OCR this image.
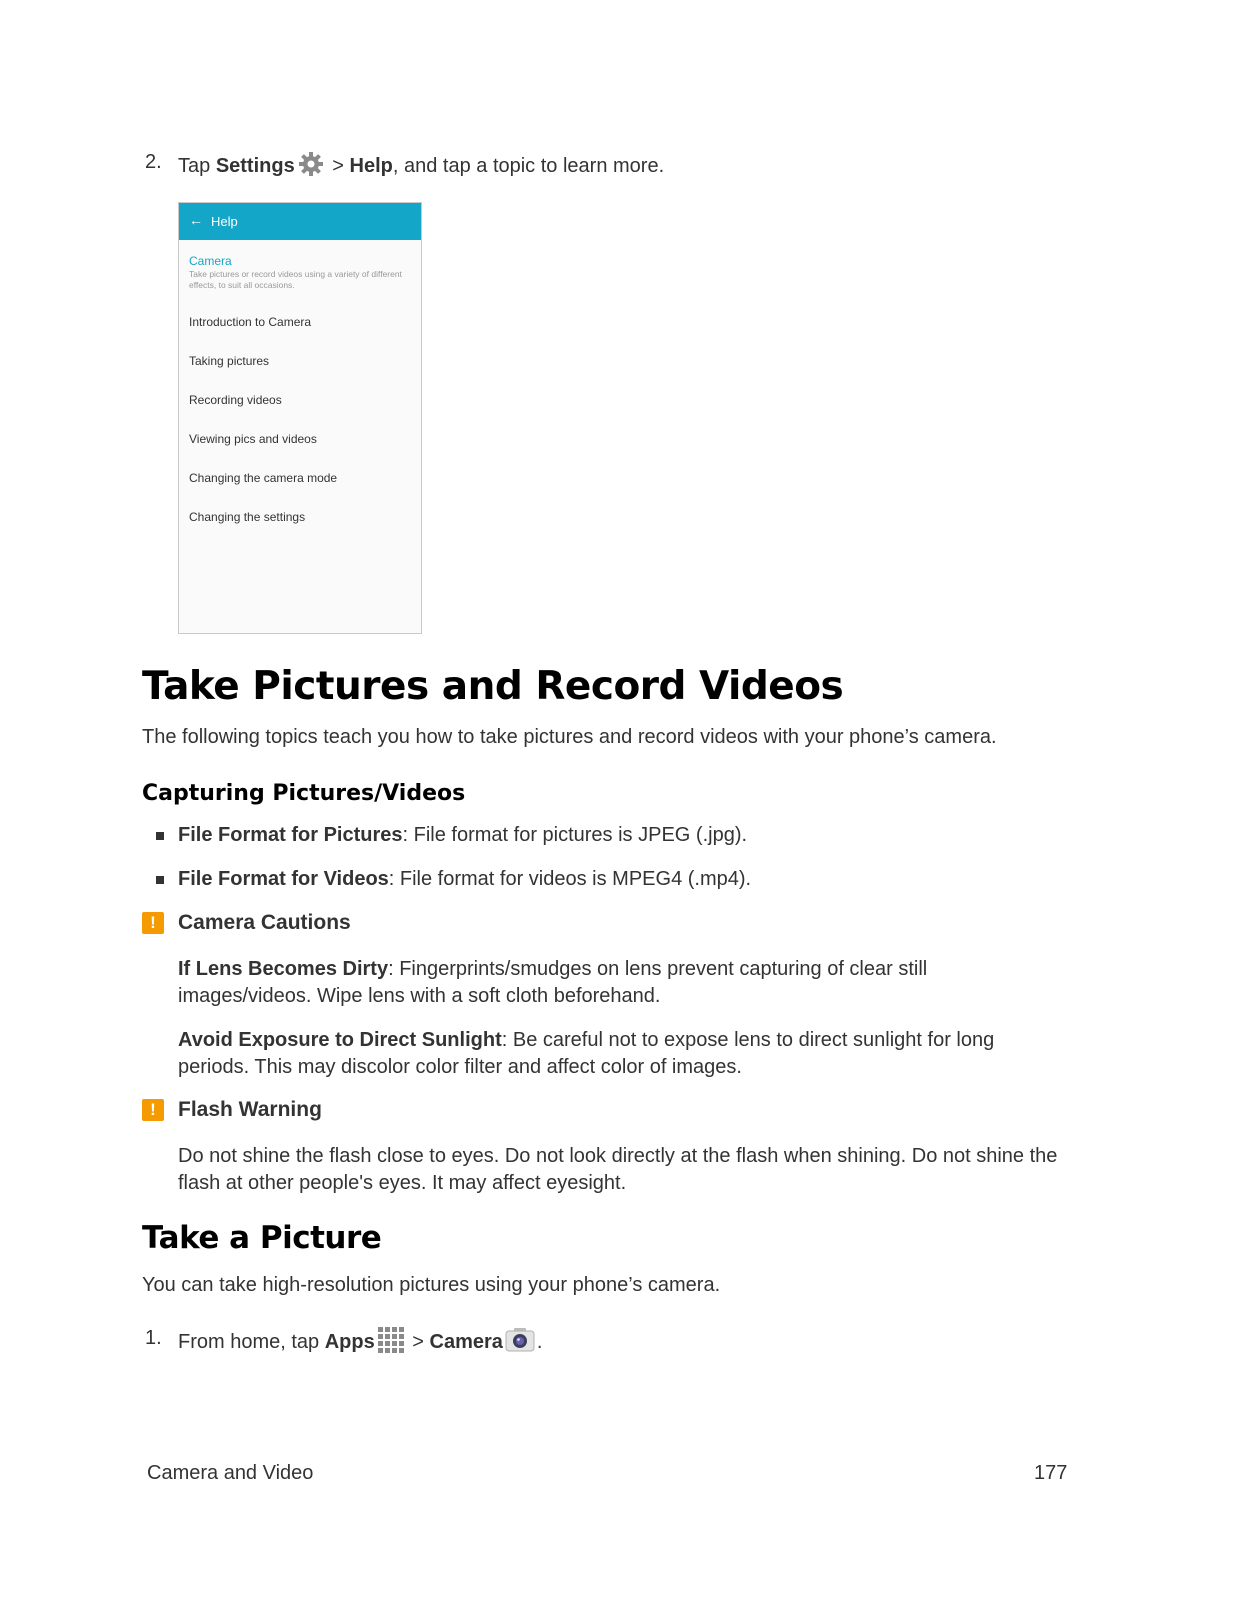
2. Tap Settings > Help, and tap a topic to learn more.
← Help
Camera
Take pictures or record videos using a variety of different effects, to suit all occasions.
Introduction to Camera
Taking pictures
Recording videos
Viewing pics and videos
Changing the camera mode
Changing the settings
Take Pictures and Record Videos
The following topics teach you how to take pictures and record videos with your phone’s camera.
Capturing Pictures/Videos
File Format for Pictures: File format for pictures is JPEG (.jpg).
File Format for Videos: File format for videos is MPEG4 (.mp4).
!	Camera Cautions
If Lens Becomes Dirty: Fingerprints/smudges on lens prevent capturing of clear still images/videos. Wipe lens with a soft cloth beforehand.
Avoid Exposure to Direct Sunlight: Be careful not to expose lens to direct sunlight for long periods. This may discolor color filter and affect color of images.
!	Flash Warning
Do not shine the flash close to eyes. Do not look directly at the flash when shining. Do not shine the flash at other people's eyes. It may affect eyesight.
Take a Picture
You can take high-resolution pictures using your phone’s camera.
1. From home, tap Apps > Camera .
Camera and Video	177
